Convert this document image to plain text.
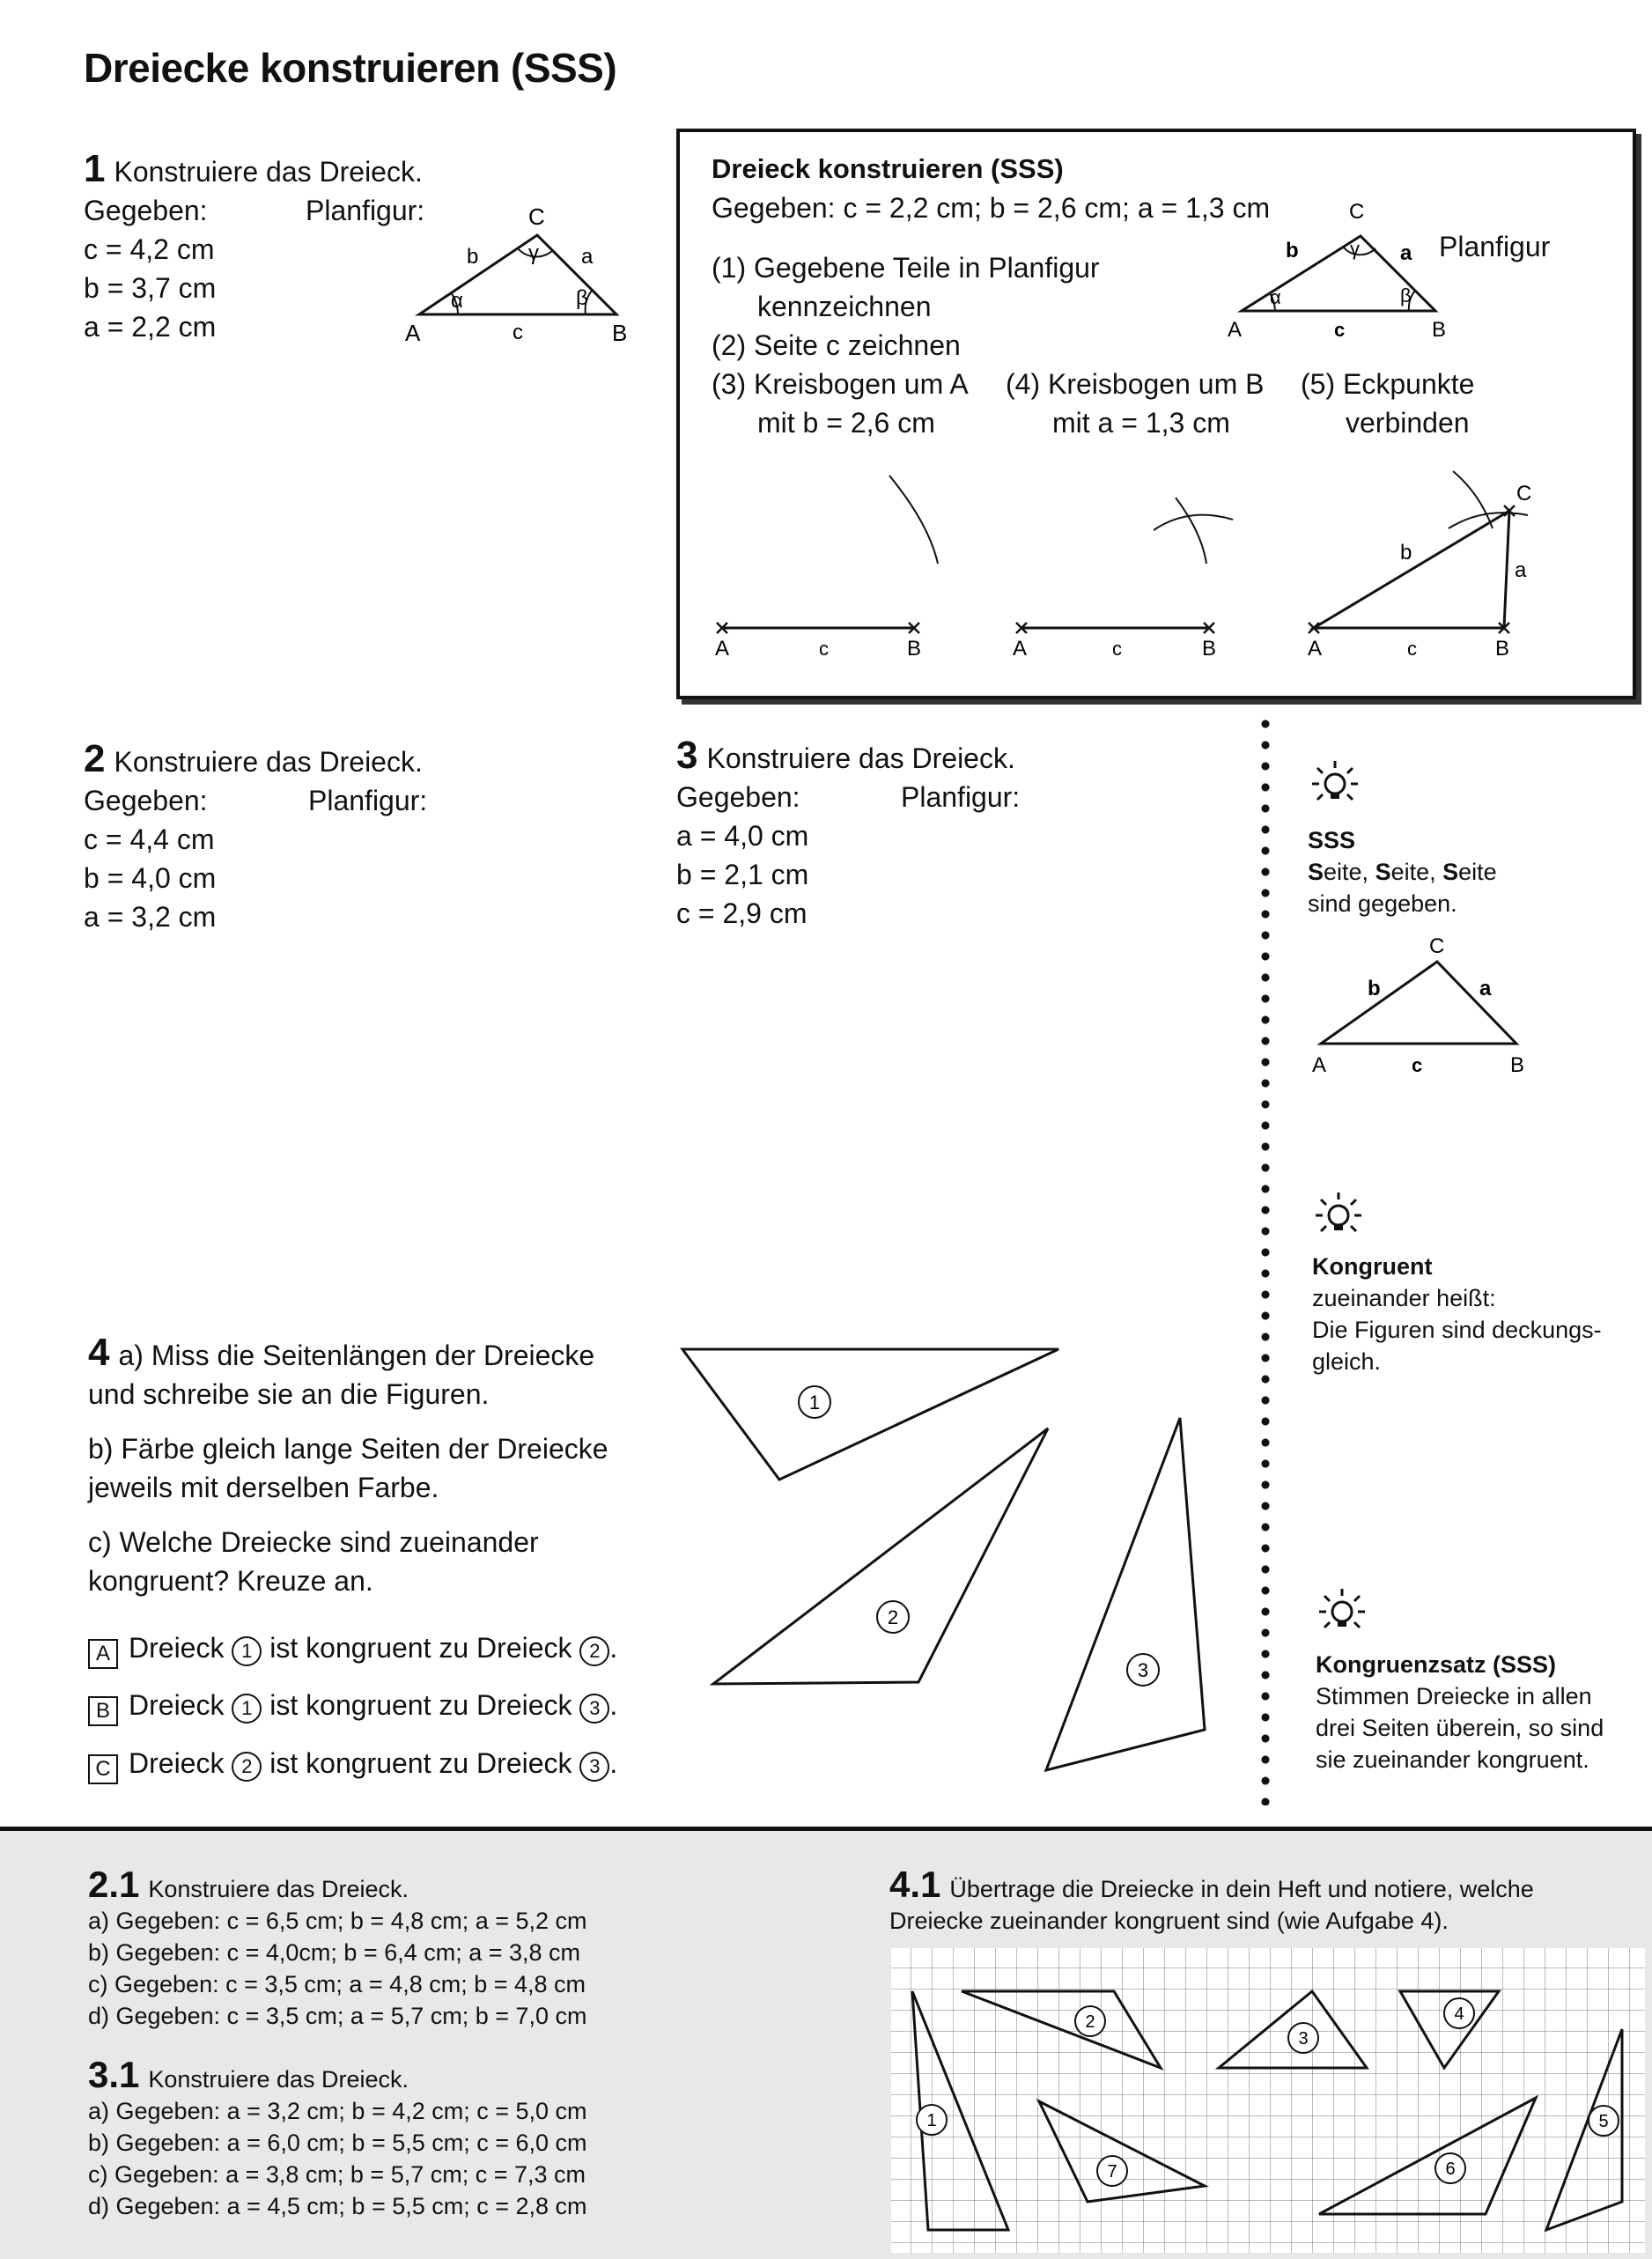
Dreiecke konstruieren (SSS)
1 Konstruiere das Dreieck.
Gegeben:	Planfigur:
c = 4,2 cm
b = 3,7 cm
a = 2,2 cm	A	B
C
c
b	a
α	β
γ
Dreieck konstruieren (SSS)
Gegeben: c = 2,2 cm; b = 2,6 cm; a = 1,3 cm
(1) Gegebene Teile in Planfigur
kennzeichnen
(2) Seite c zeichnen
(3) Kreisbogen um A
mit b = 2,6 cm
(4) Kreisbogen um B
mit a = 1,3 cm
(5) Eckpunkte
verbinden
Planfigur
A	B
C
c
b	a
α	β
γ
A	c	B	A	c	B	A	c	B
C
b
a
2 Konstruiere das Dreieck.
Gegeben:	Planfigur:
c = 4,4 cm
b = 4,0 cm
a = 3,2 cm
3 Konstruiere das Dreieck.
Gegeben:	Planfigur:
a = 4,0 cm
b = 2,1 cm
c = 2,9 cm
SSS
Seite, Seite, Seite
sind gegeben.
A	B
C
c
b	a
Kongruent
zueinander heißt:
Die Figuren sind deckungs-
gleich.
Kongruenzsatz (SSS)
Stimmen Dreiecke in allen
drei Seiten überein, so sind
sie zueinander kongruent.
4 a) Miss die Seitenlängen der Dreiecke
und schreibe sie an die Figuren.
b) Färbe gleich lange Seiten der Dreiecke
jeweils mit derselben Farbe.
c) Welche Dreiecke sind zueinander
kongruent? Kreuze an.
A Dreieck 1 ist kongruent zu Dreieck 2 .
B Dreieck 1 ist kongruent zu Dreieck 3 .
C Dreieck 2 ist kongruent zu Dreieck 3 .
1
2
3
2.1 Konstruiere das Dreieck.
a) Gegeben: c = 6,5 cm; b = 4,8 cm; a = 5,2 cm
b) Gegeben: c = 4,0cm; b = 6,4 cm; a = 3,8 cm
c) Gegeben: c = 3,5 cm; a = 4,8 cm; b = 4,8 cm
d) Gegeben: c = 3,5 cm; a = 5,7 cm; b = 7,0 cm
3.1 Konstruiere das Dreieck.
a) Gegeben: a = 3,2 cm; b = 4,2 cm; c = 5,0 cm
b) Gegeben: a = 6,0 cm; b = 5,5 cm; c = 6,0 cm
c) Gegeben: a = 3,8 cm; b = 5,7 cm; c = 7,3 cm
d) Gegeben: a = 4,5 cm; b = 5,5 cm; c = 2,8 cm
4.1 Übertrage die Dreiecke in dein Heft und notiere, welche
Dreiecke zueinander kongruent sind (wie Aufgabe 4).
1
2
3
4
5
6
7
